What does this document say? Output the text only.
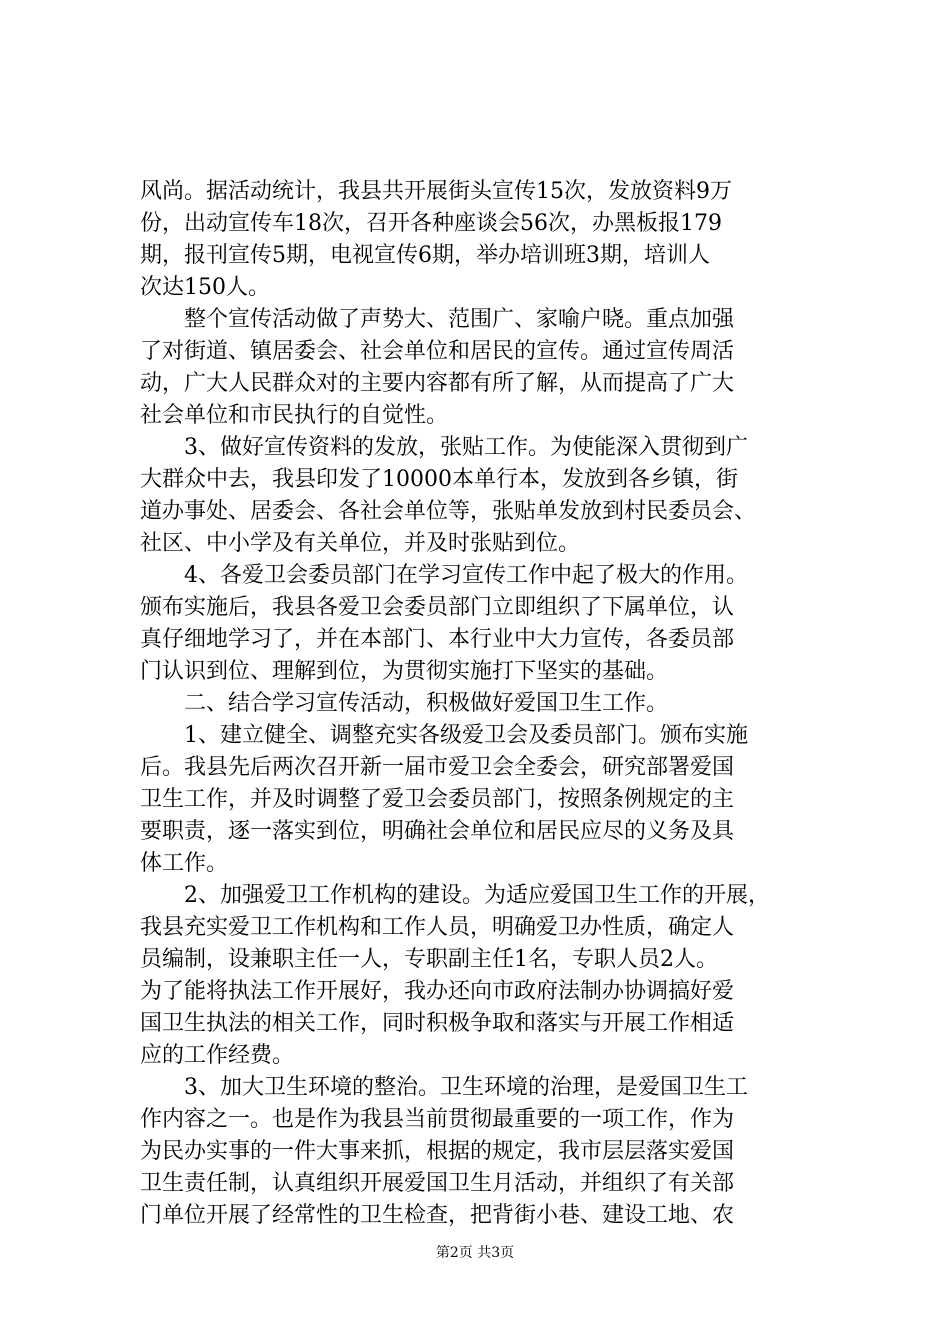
风尚。据活动统计，我县共开展街头宣传15次，发放资料9万
份，出动宣传车18次，召开各种座谈会56次，办黑板报179
期，报刊宣传5期，电视宣传6期，举办培训班3期，培训人
次达150人。
　　整个宣传活动做了声势大、范围广、家喻户晓。重点加强
了对街道、镇居委会、社会单位和居民的宣传。通过宣传周活
动，广大人民群众对的主要内容都有所了解，从而提高了广大
社会单位和市民执行的自觉性。
　　3、做好宣传资料的发放，张贴工作。为使能深入贯彻到广
大群众中去，我县印发了10000本单行本，发放到各乡镇，街
道办事处、居委会、各社会单位等，张贴单发放到村民委员会、
社区、中小学及有关单位，并及时张贴到位。
　　4、各爱卫会委员部门在学习宣传工作中起了极大的作用。
颁布实施后，我县各爱卫会委员部门立即组织了下属单位，认
真仔细地学习了，并在本部门、本行业中大力宣传，各委员部
门认识到位、理解到位，为贯彻实施打下坚实的基础。
　　二、结合学习宣传活动，积极做好爱国卫生工作。
　　1、建立健全、调整充实各级爱卫会及委员部门。颁布实施
后。我县先后两次召开新一届市爱卫会全委会，研究部署爱国
卫生工作，并及时调整了爱卫会委员部门，按照条例规定的主
要职责，逐一落实到位，明确社会单位和居民应尽的义务及具
体工作。
　　2、加强爱卫工作机构的建设。为适应爱国卫生工作的开展，
我县充实爱卫工作机构和工作人员，明确爱卫办性质，确定人
员编制，设兼职主任一人，专职副主任1名，专职人员2人。
为了能将执法工作开展好，我办还向市政府法制办协调搞好爱
国卫生执法的相关工作，同时积极争取和落实与开展工作相适
应的工作经费。
　　3、加大卫生环境的整治。卫生环境的治理，是爱国卫生工
作内容之一。也是作为我县当前贯彻最重要的一项工作，作为
为民办实事的一件大事来抓，根据的规定，我市层层落实爱国
卫生责任制，认真组织开展爱国卫生月活动，并组织了有关部
门单位开展了经常性的卫生检查，把背街小巷、建设工地、农
第2页 共3页
